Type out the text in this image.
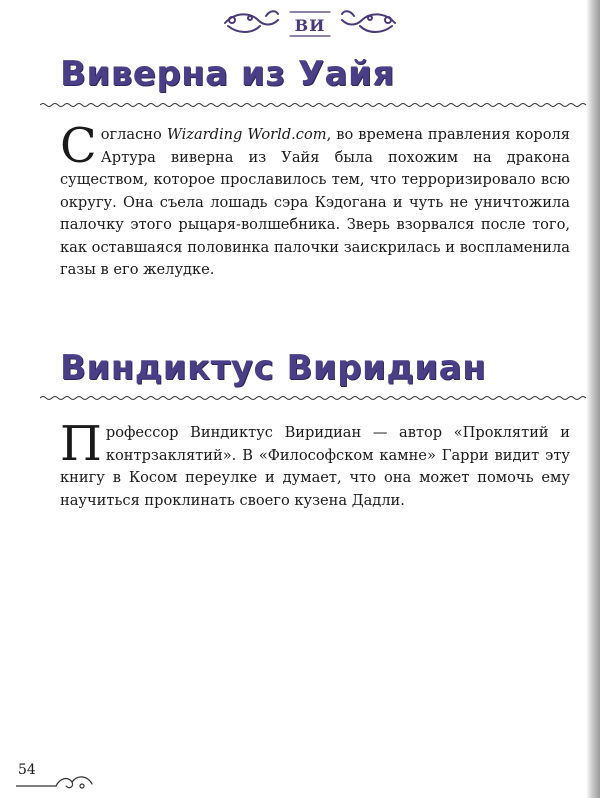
ВИ
Виверна из Уайя
Согласно Wizarding World.com, во времена правления короля Артура виверна из Уайя была похожим на дракона существом, которое прославилось тем, что терроризировало всю округу. Она съела лошадь сэра Кэдогана и чуть не уничтожила палочку этого рыцаря-волшебника. Зверь взорвался после того, как оставшаяся половинка палочки заискрилась и воспламенила газы в его желудке.
Виндиктус Виридиан
Профессор Виндиктус Виридиан — автор «Проклятий и контрзаклятий». В «Философском камне» Гарри видит эту книгу в Косом переулке и думает, что она может помочь ему научиться проклинать своего кузена Дадли.
54
